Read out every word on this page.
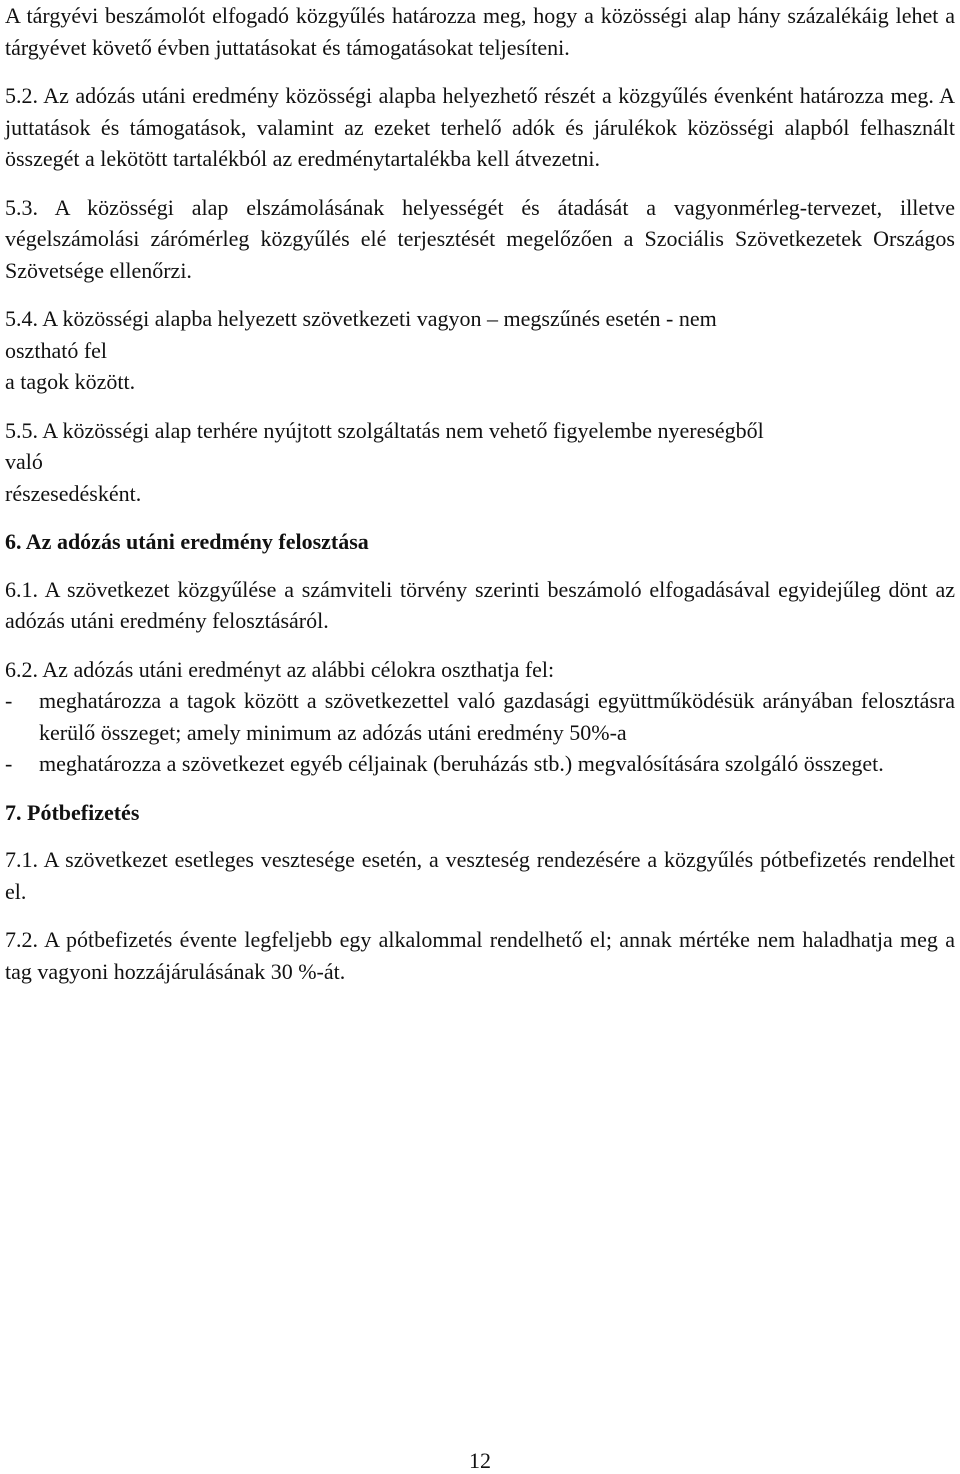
A tárgyévi beszámolót elfogadó közgyűlés határozza meg, hogy a közösségi alap hány százalékáig lehet a tárgyévet követő évben juttatásokat és támogatásokat teljesíteni.

5.2. Az adózás utáni eredmény közösségi alapba helyezhető részét a közgyűlés évenként határozza meg. A juttatások és támogatások, valamint az ezeket terhelő adók és járulékok közösségi alapból felhasznált összegét a lekötött tartalékból az eredménytartalékba kell átvezetni.

5.3. A közösségi alap elszámolásának helyességét és átadását a vagyonmérleg-tervezet, illetve végelszámolási zárómérleg közgyűlés elé terjesztését megelőzően a Szociális Szövetkezetek Országos Szövetsége ellenőrzi.

5.4. A közösségi alapba helyezett szövetkezeti vagyon – megszűnés esetén - nem
osztható fel
a tagok között.
5.5. A közösségi alap terhére nyújtott szolgáltatás nem vehető figyelembe nyereségből
való
részesedésként.

6. Az adózás utáni eredmény felosztása

6.1. A szövetkezet közgyűlése a számviteli törvény szerinti beszámoló elfogadásával egyidejűleg dönt az adózás utáni eredmény felosztásáról.

6.2. Az adózás utáni eredményt az alábbi célokra oszthatja fel:

-	meghatározza a tagok között a szövetkezettel való gazdasági együttműködésük arányában felosztásra kerülő összeget; amely minimum az adózás utáni eredmény 50%-a
-	meghatározza a szövetkezet egyéb céljainak (beruházás stb.) megvalósítására szolgáló összeget.

7. Pótbefizetés

7.1. A szövetkezet esetleges vesztesége esetén, a veszteség rendezésére a közgyűlés pótbefizetés rendelhet el.

7.2. A pótbefizetés évente legfeljebb egy alkalommal rendelhető el; annak mértéke nem haladhatja meg a tag vagyoni hozzájárulásának 30 %-át.

12
